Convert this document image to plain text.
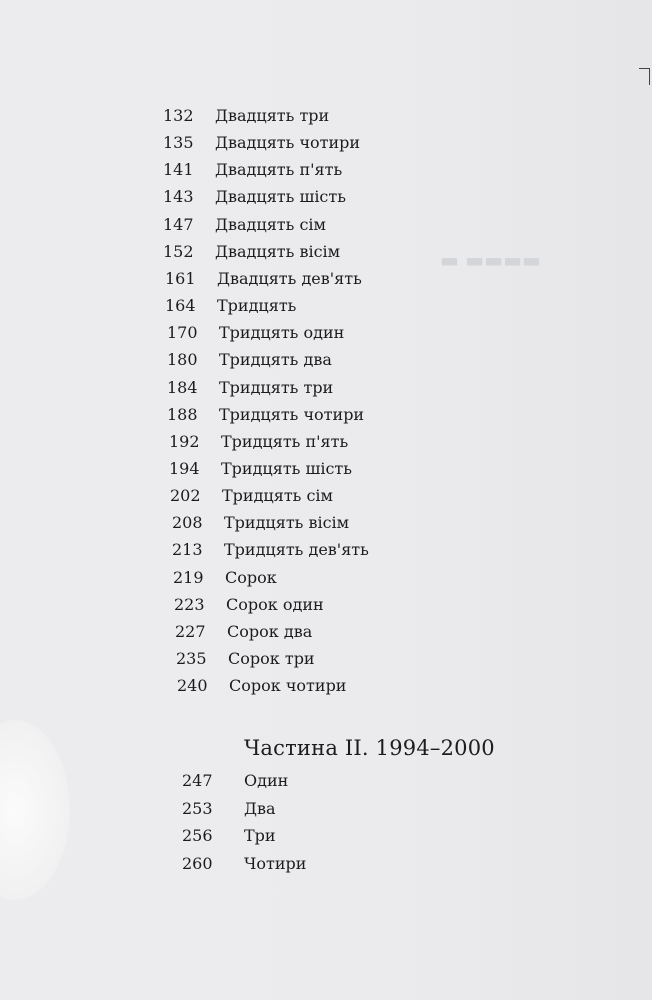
▬▬▬▬ ▬
132	Двадцять три
135	Двадцять чотири
141	Двадцять п'ять
143	Двадцять шість
147	Двадцять сім
152	Двадцять вісім
161	Двадцять дев'ять
164	Тридцять
170	Тридцять один
180	Тридцять два
184	Тридцять три
188	Тридцять чотири
192	Тридцять п'ять
194	Тридцять шість
202	Тридцять сім
208	Тридцять вісім
213	Тридцять дев'ять
219	Сорок
223	Сорок один
227	Сорок два
235	Сорок три
240	Сорок чотири
Частина II. 1994–2000
247	Один
253	Два
256	Три
260	Чотири
